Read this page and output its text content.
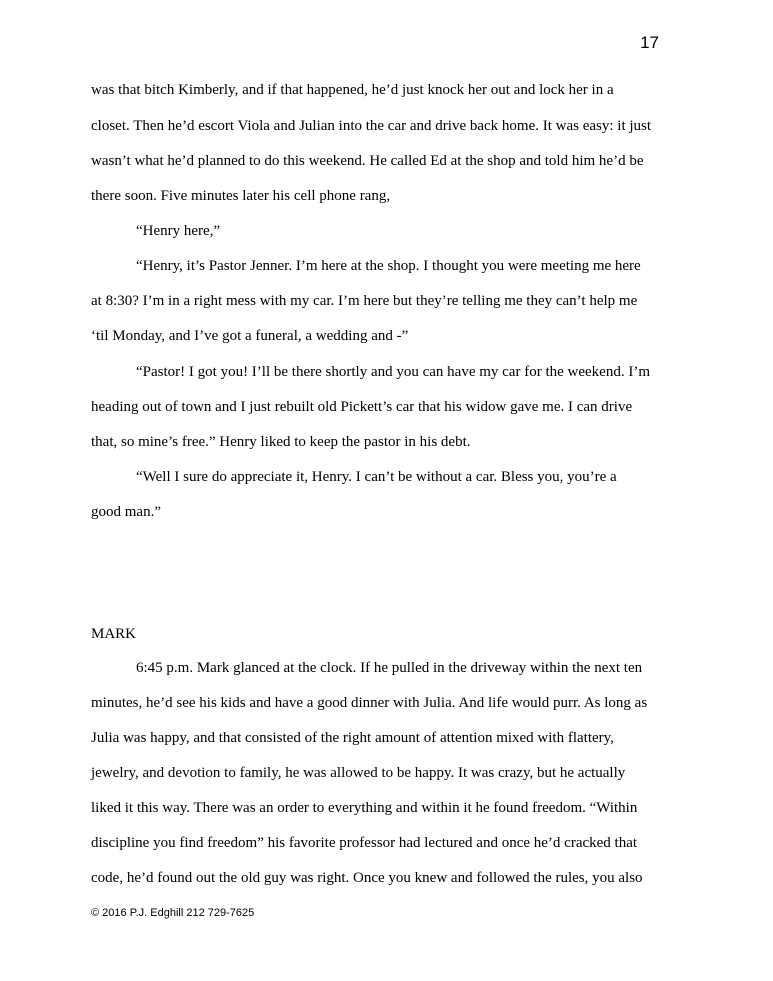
17
was that bitch Kimberly, and if that happened, he’d just knock her out and lock her in a
closet. Then he’d escort Viola and Julian into the car and drive back home. It was easy: it just
wasn’t what he’d planned to do this weekend. He called Ed at the shop and told him he’d be
there soon. Five minutes later his cell phone rang,
“Henry here,”
“Henry, it’s Pastor Jenner. I’m here at the shop. I thought you were meeting me here
at 8:30? I’m in a right mess with my car. I’m here but they’re telling me they can’t help me
‘til Monday, and I’ve got a funeral, a wedding and -”
“Pastor! I got you! I’ll be there shortly and you can have my car for the weekend. I’m
heading out of town and I just rebuilt old Pickett’s car that his widow gave me. I can drive
that, so mine’s free.” Henry liked to keep the pastor in his debt.
“Well I sure do appreciate it, Henry. I can’t be without a car. Bless you, you’re a
good man.”
MARK
6:45 p.m. Mark glanced at the clock. If he pulled in the driveway within the next ten
minutes, he’d see his kids and have a good dinner with Julia. And life would purr. As long as
Julia was happy, and that consisted of the right amount of attention mixed with flattery,
jewelry, and devotion to family, he was allowed to be happy. It was crazy, but he actually
liked it this way. There was an order to everything and within it he found freedom. “Within
discipline you find freedom” his favorite professor had lectured and once he’d cracked that
code, he’d found out the old guy was right. Once you knew and followed the rules, you also
© 2016 P.J. Edghill 212 729-7625
